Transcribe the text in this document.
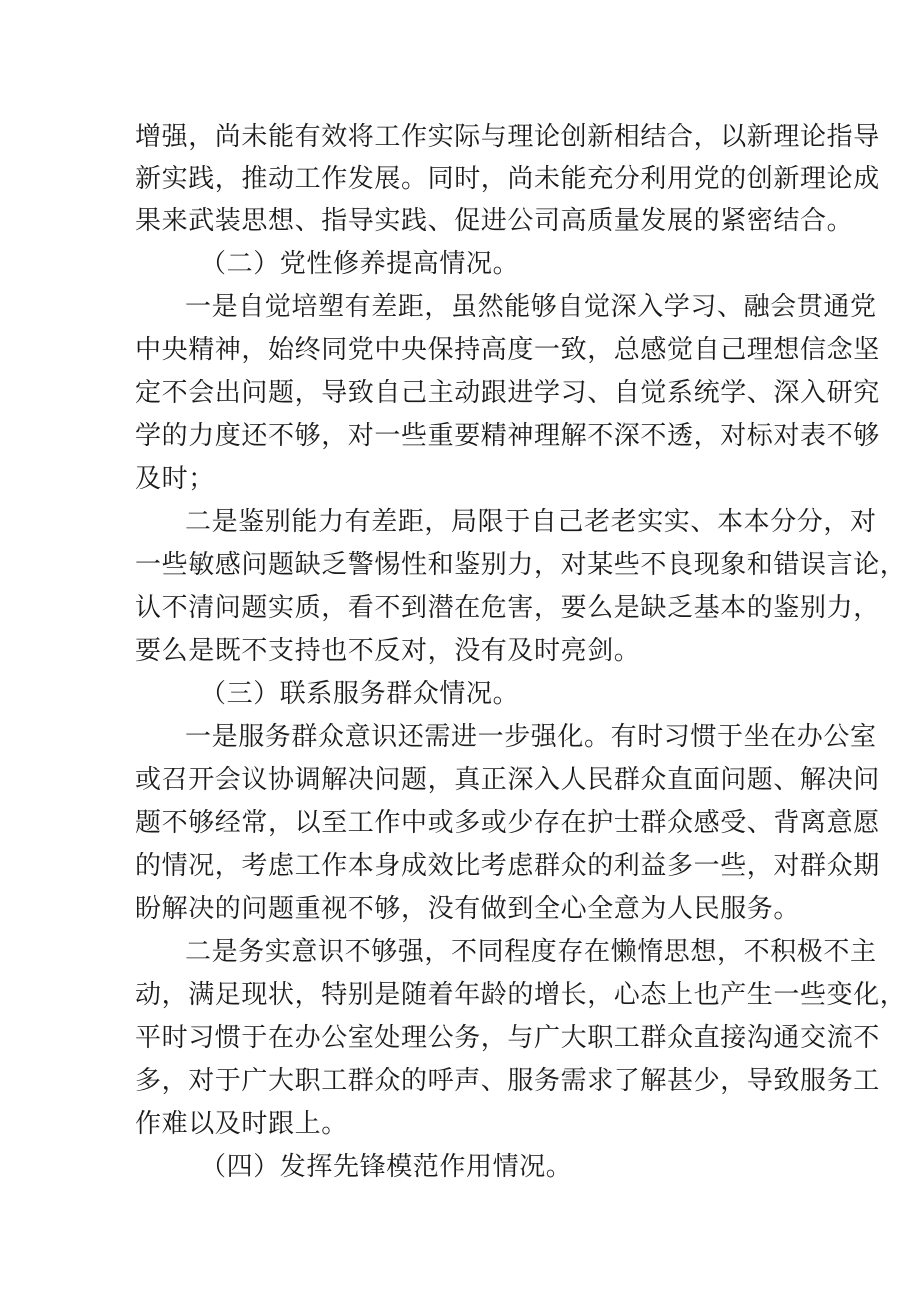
增强，尚未能有效将工作实际与理论创新相结合，以新理论指导
新实践，推动工作发展。同时，尚未能充分利用党的创新理论成
果来武装思想、指导实践、促进公司高质量发展的紧密结合。
（二）党性修养提高情况。
一是自觉培塑有差距，虽然能够自觉深入学习、融会贯通党
中央精神，始终同党中央保持高度一致，总感觉自己理想信念坚
定不会出问题，导致自己主动跟进学习、自觉系统学、深入研究
学的力度还不够，对一些重要精神理解不深不透，对标对表不够
及时；
二是鉴别能力有差距，局限于自己老老实实、本本分分，对
一些敏感问题缺乏警惕性和鉴别力，对某些不良现象和错误言论，
认不清问题实质，看不到潜在危害，要么是缺乏基本的鉴别力，
要么是既不支持也不反对，没有及时亮剑。
（三）联系服务群众情况。
一是服务群众意识还需进一步强化。有时习惯于坐在办公室
或召开会议协调解决问题，真正深入人民群众直面问题、解决问
题不够经常，以至工作中或多或少存在护士群众感受、背离意愿
的情况，考虑工作本身成效比考虑群众的利益多一些，对群众期
盼解决的问题重视不够，没有做到全心全意为人民服务。
二是务实意识不够强，不同程度存在懒惰思想，不积极不主
动，满足现状，特别是随着年龄的增长，心态上也产生一些变化，
平时习惯于在办公室处理公务，与广大职工群众直接沟通交流不
多，对于广大职工群众的呼声、服务需求了解甚少，导致服务工
作难以及时跟上。
（四）发挥先锋模范作用情况。
